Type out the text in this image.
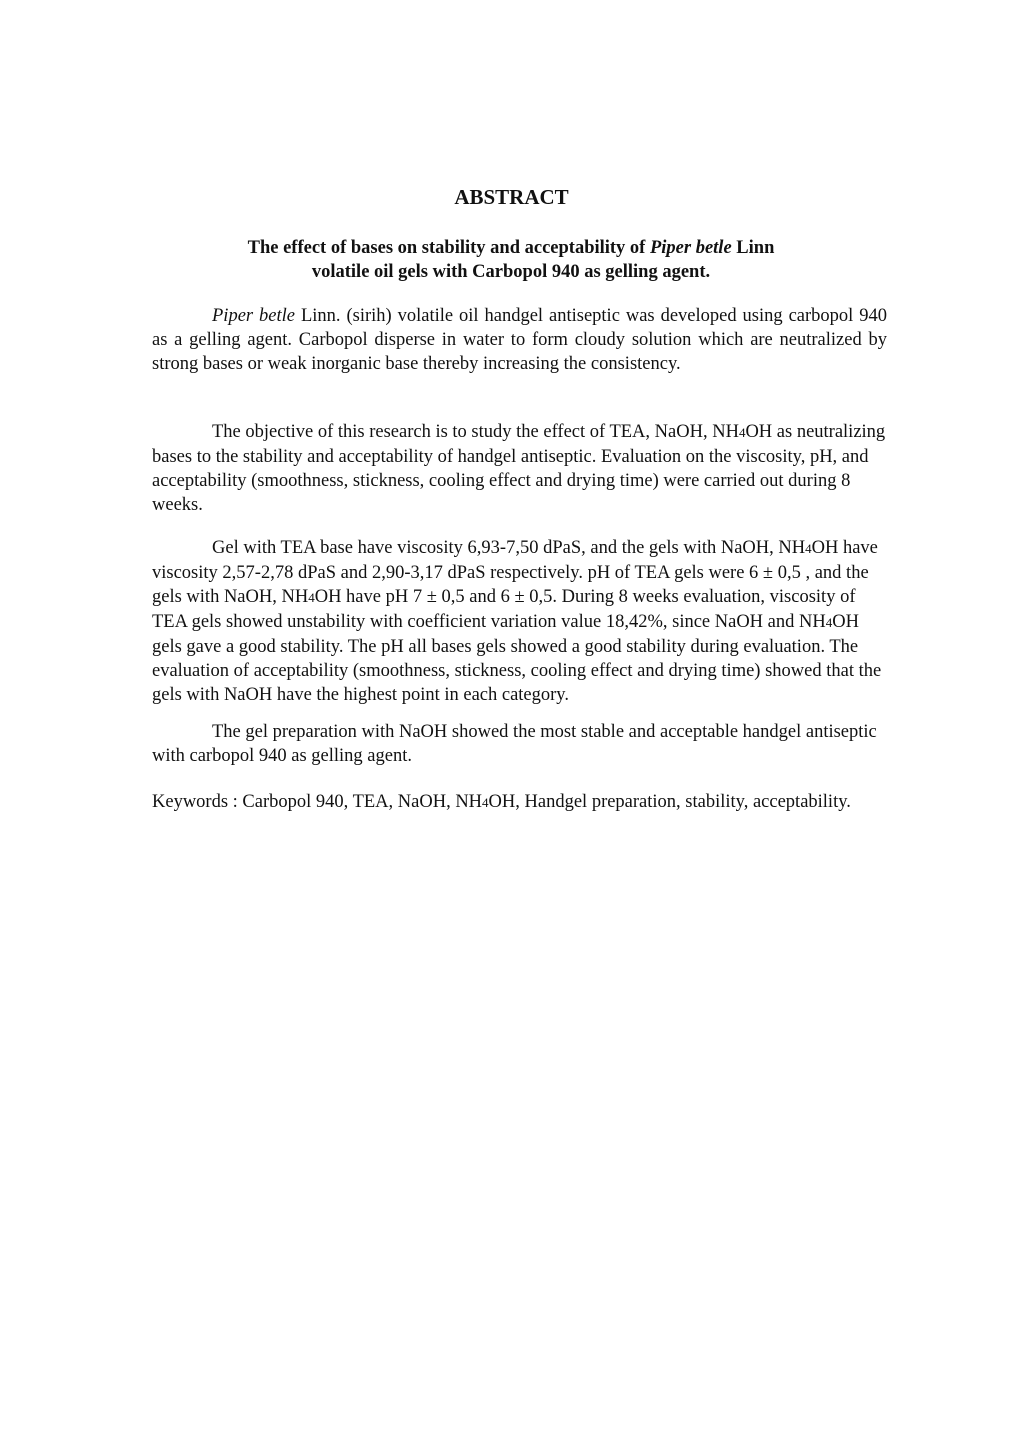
ABSTRACT
The effect of bases on stability and acceptability of Piper betle Linn
volatile oil gels with Carbopol 940 as gelling agent.

Piper betle Linn. (sirih) volatile oil handgel antiseptic was developed using carbopol 940 as a gelling agent. Carbopol disperse in water to form cloudy solution which are neutralized by strong bases or weak inorganic base thereby increasing the consistency.

The objective of this research is to study the effect of TEA, NaOH, NH4OH as neutralizing bases to the stability and acceptability of handgel antiseptic. Evaluation on the viscosity, pH, and acceptability (smoothness, stickness, cooling effect and drying time) were carried out during 8 weeks.

Gel with TEA base have viscosity 6,93-7,50 dPaS, and the gels with NaOH, NH4OH have viscosity 2,57-2,78 dPaS and 2,90-3,17 dPaS respectively. pH of TEA gels were 6 ± 0,5 , and the gels with NaOH, NH4OH have pH 7 ± 0,5 and 6 ± 0,5. During 8 weeks evaluation, viscosity of TEA gels showed unstability with coefficient variation value 18,42%, since NaOH and NH4OH gels gave a good stability. The pH all bases gels showed a good stability during evaluation. The evaluation of acceptability (smoothness, stickness, cooling effect and drying time) showed that the gels with NaOH have the highest point in each category.

The gel preparation with NaOH showed the most stable and acceptable handgel antiseptic with carbopol 940 as gelling agent.

Keywords : Carbopol 940, TEA, NaOH, NH4OH, Handgel preparation, stability, acceptability.
